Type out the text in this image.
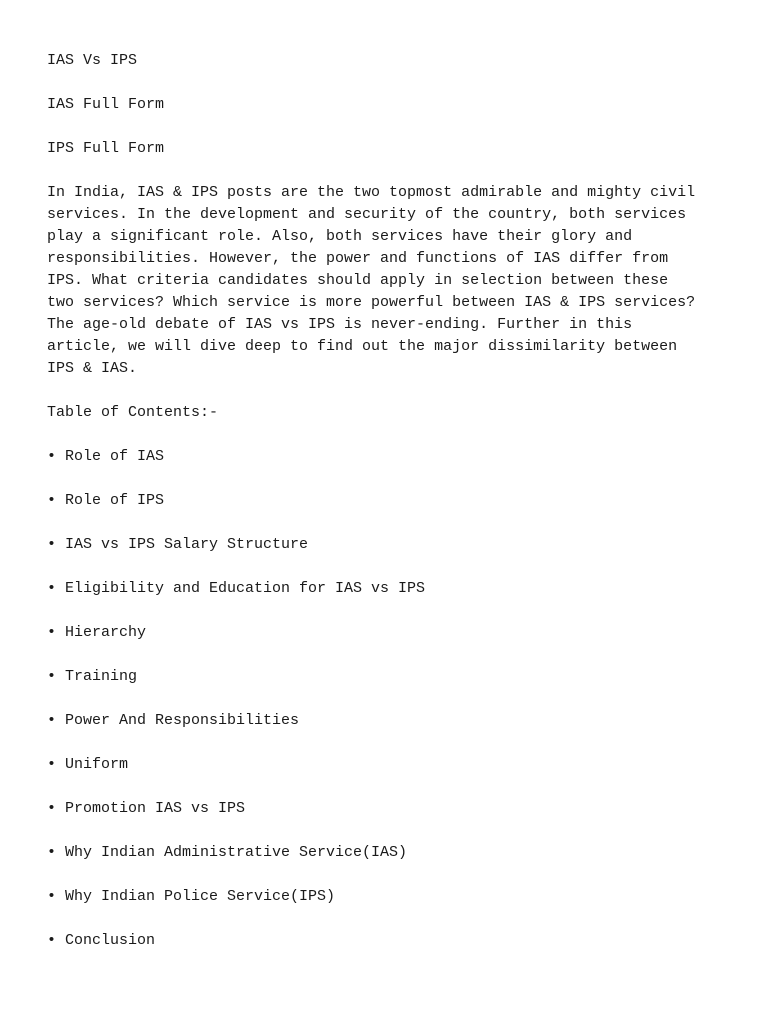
IAS Vs IPS

IAS Full Form

IPS Full Form

In India, IAS & IPS posts are the two topmost admirable and mighty civil
services. In the development and security of the country, both services
play a significant role. Also, both services have their glory and
responsibilities. However, the power and functions of IAS differ from
IPS. What criteria candidates should apply in selection between these
two services? Which service is more powerful between IAS & IPS services?
The age-old debate of IAS vs IPS is never-ending. Further in this
article, we will dive deep to find out the major dissimilarity between
IPS & IAS.

Table of Contents:-

• Role of IAS
• Role of IPS
• IAS vs IPS Salary Structure
• Eligibility and Education for IAS vs IPS
• Hierarchy
• Training
• Power And Responsibilities
• Uniform
• Promotion IAS vs IPS
• Why Indian Administrative Service(IAS)
• Why Indian Police Service(IPS)
• Conclusion
